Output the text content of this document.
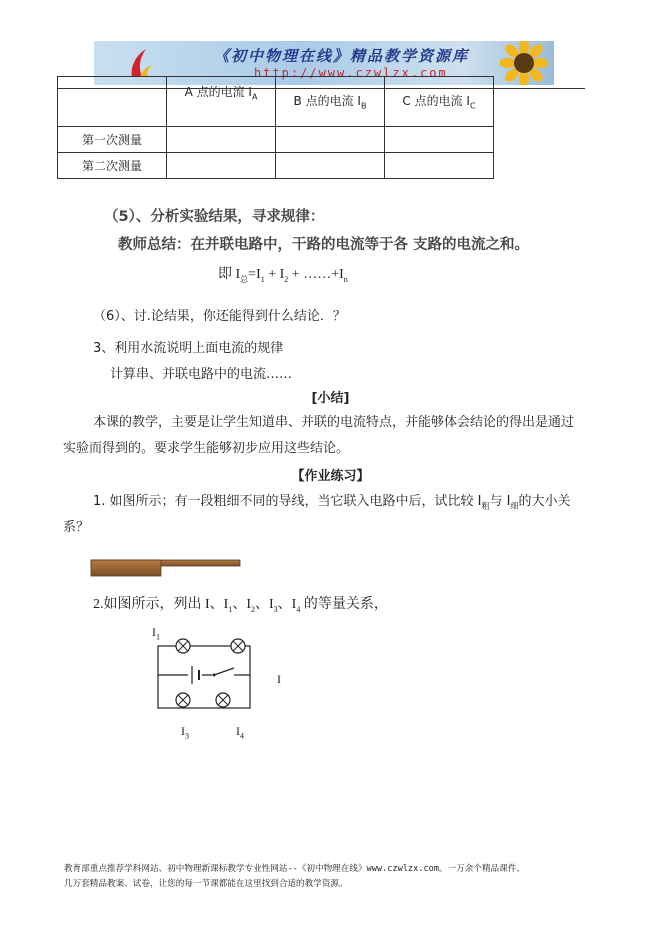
《初中物理在线》精品教学资源库
http://www.czwlzx.com
	A 点的电流 $I_A$	B 点的电流 $I_B$	C 点的电流 $I_C$
第一次测量			
第二次测量			
（5）、分析实验结果，寻求规律：
教师总结：在并联电路中，干路的电流等于各 支路的电流之和。
即 $I_总=I_1 + I_2$ + $\dots\dots+I_n$
（6）、讨.论结果，你还能得到什么结论．？
3、利用水流说明上面电流的规律
计算串、并联电路中的电流……
[小结]
本课的教学，主要是让学生知道串、并联的电流特点，并能够体会结论的得出是通过
实验而得到的。要求学生能够初步应用这些结论。
【作业练习】
1. 如图所示；有一段粗细不同的导线，当它联入电路中后，试比较 $I_粗$与 $I_细$的大小关
系？
2.如图所示，列出 I、$I_1$、$I_2$、$I_3$、$I_4$ 的等量关系，
$I_1$
I
$I_3$	$I_4$
教育部重点推荐学科网站、初中物理新课标教学专业性网站--《初中物理在线》www.czwlzx.com。一万余个精品课件、
几万套精品教案、试卷，让您的每一节课都能在这里找到合适的教学资源。
